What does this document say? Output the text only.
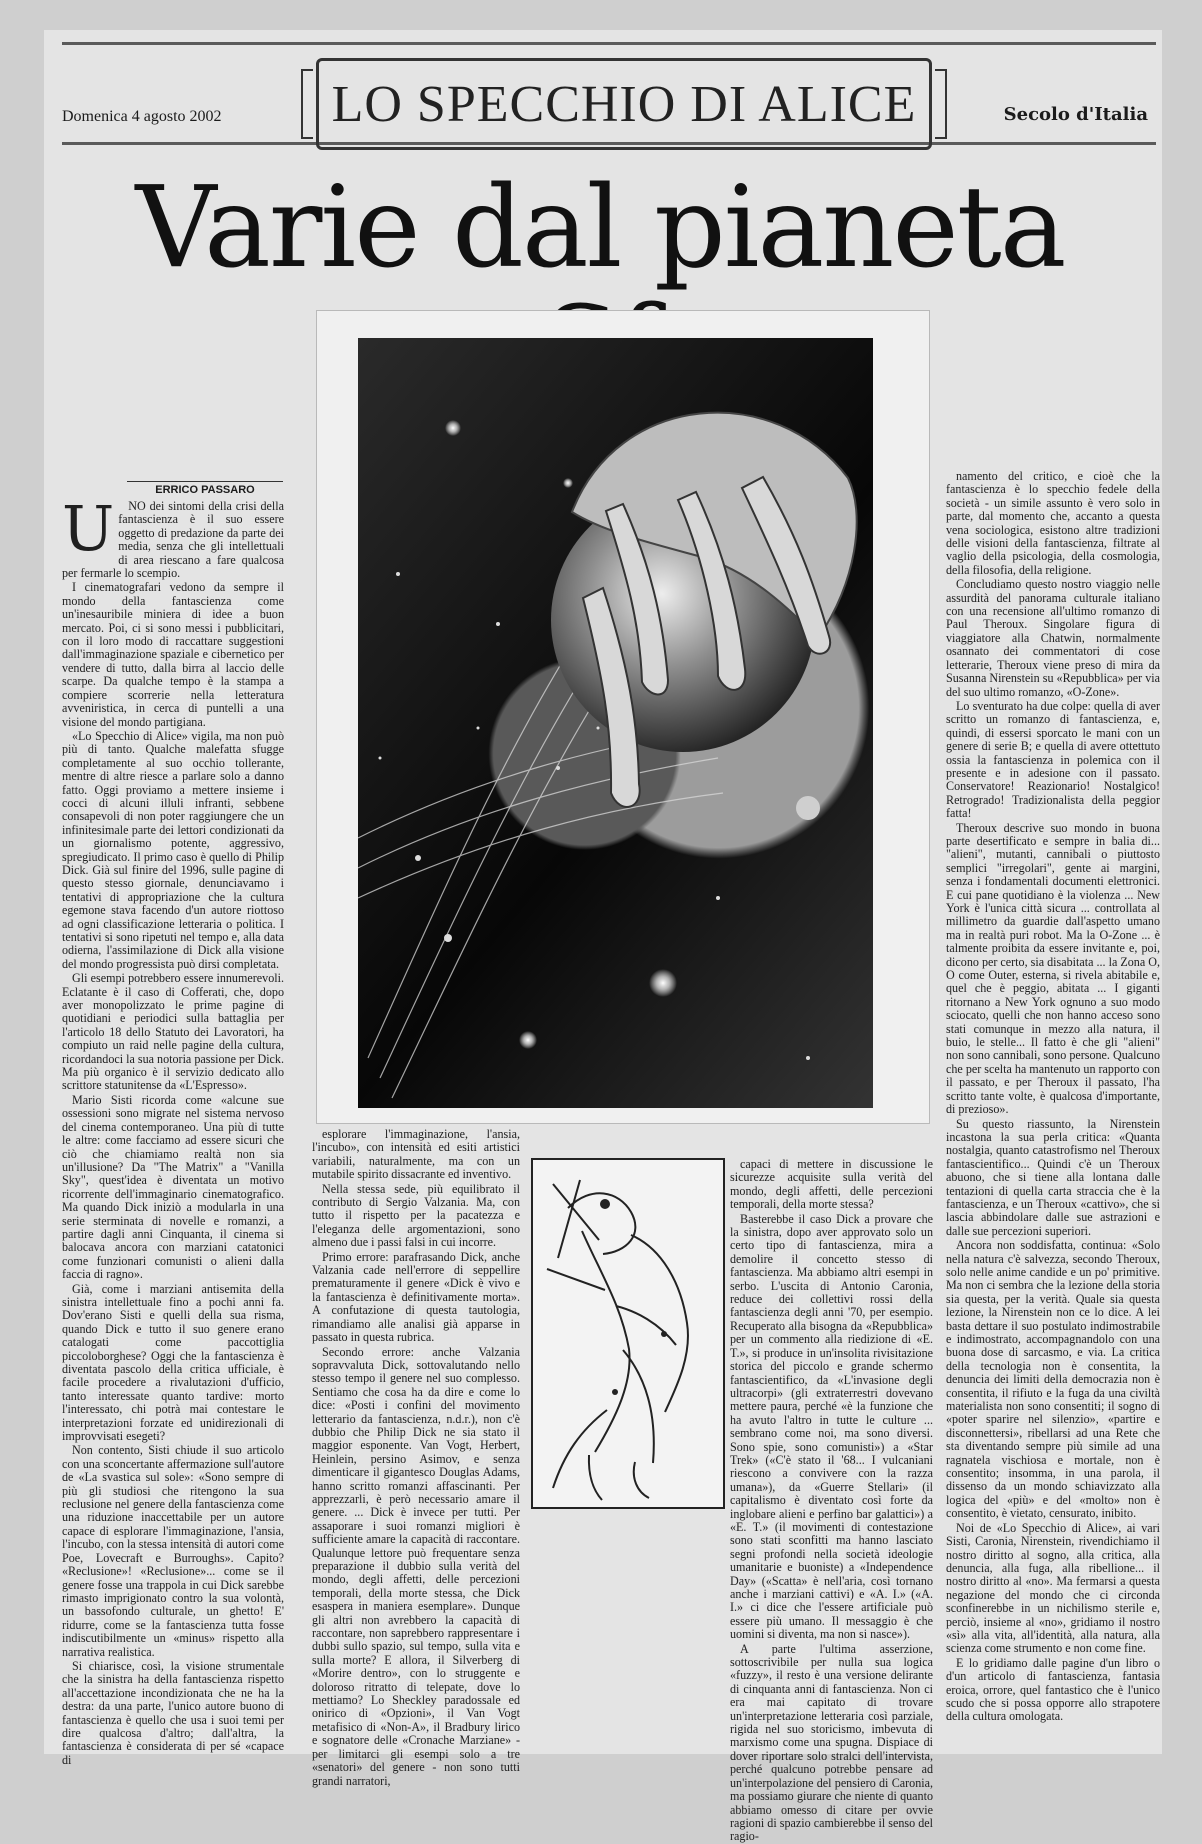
Domenica 4 agosto 2002 LO SPECCHIO DI ALICE	Secolo d'Italia
Varie dal pianeta
ERRICO PASSARO
U	NO dei sintomi della crisi della fantascienza è il suo essere oggetto di predazione da parte dei media, senza che gli intellettuali di area riescano a fare qualcosa per fermarle lo scempio.

I cinematografari vedono da sempre il mondo della fantascienza come un'inesauribile miniera di idee a buon mercato. Poi, ci si sono messi i pubblicitari, con il loro modo di raccattare suggestioni dall'immaginazione spaziale e cibernetico per vendere di tutto, dalla birra al laccio delle scarpe. Da qualche tempo è la stampa a compiere scorrerie nella letteratura avveniristica, in cerca di puntelli a una visione del mondo partigiana.

«Lo Specchio di Alice» vigila, ma non può più di tanto. Qualche malefatta sfugge completamente al suo occhio tollerante, mentre di altre riesce a parlare solo a danno fatto. Oggi proviamo a mettere insieme i cocci di alcuni illuli infranti, sebbene consapevoli di non poter raggiungere che un infinitesimale parte dei lettori condizionati da un giornalismo potente, aggressivo, spregiudicato. Il primo caso è quello di Philip Dick. Già sul finire del 1996, sulle pagine di questo stesso giornale, denunciavamo i tentativi di appropriazione che la cultura egemone stava facendo d'un autore riottoso ad ogni classificazione letteraria o politica. I tentativi si sono ripetuti nel tempo e, alla data odierna, l'assimilazione di Dick alla visione del mondo progressista può dirsi completata.

Gli esempi potrebbero essere innumerevoli. Eclatante è il caso di Cofferati, che, dopo aver monopolizzato le prime pagine di quotidiani e periodici sulla battaglia per l'articolo 18 dello Statuto dei Lavoratori, ha compiuto un raid nelle pagine della cultura, ricordandoci la sua notoria passione per Dick. Ma più organico è il servizio dedicato allo scrittore statunitense da «L'Espresso».

Mario Sisti ricorda come «alcune sue ossessioni sono migrate nel sistema nervoso del cinema contemporaneo. Una più di tutte le altre: come facciamo ad essere sicuri che ciò che chiamiamo realtà non sia un'illusione? Da "The Matrix" a "Vanilla Sky", quest'idea è diventata un motivo ricorrente dell'immaginario cinematografico. Ma quando Dick iniziò a modularla in una serie sterminata di novelle e romanzi, a partire dagli anni Cinquanta, il cinema si balocava ancora con marziani catatonici come funzionari comunisti o alieni dalla faccia di ragno».

Già, come i marziani antisemita della sinistra intellettuale fino a pochi anni fa. Dov'erano Sisti e quelli della sua risma, quando Dick e tutto il suo genere erano catalogati come paccottiglia piccoloborghese? Oggi che la fantascienza è diventata pascolo della critica ufficiale, è facile procedere a rivalutazioni d'ufficio, tanto interessate quanto tardive: morto l'interessato, chi potrà mai contestare le interpretazioni forzate ed unidirezionali di improvvisati esegeti?

Non contento, Sisti chiude il suo articolo con una sconcertante affermazione sull'autore de «La svastica sul sole»: «Sono sempre di più gli studiosi che ritengono la sua reclusione nel genere della fantascienza come una riduzione inaccettabile per un autore capace di esplorare l'immaginazione, l'ansia, l'incubo, con la stessa intensità di autori come Poe, Lovecraft e Burroughs». Capito? «Reclusione»! «Reclusione»... come se il genere fosse una trappola in cui Dick sarebbe rimasto imprigionato contro la sua volontà, un bassofondo culturale, un ghetto! E' ridurre, come se la fantascienza tutta fosse indiscutibilmente un «minus» rispetto alla narrativa realistica.

Si chiarisce, così, la visione strumentale che la sinistra ha della fantascienza rispetto all'accettazione incondizionata che ne ha la destra: da una parte, l'unico autore buono di fantascienza è quello che usa i suoi temi per dire qualcosa d'altro; dall'altra, la fantascienza è considerata di per sé «capace di

esplorare l'immaginazione, l'ansia, l'incubo», con intensità ed esiti artistici variabili, naturalmente, ma con un mutabile spirito dissacrante ed inventivo.

Nella stessa sede, più equilibrato il contributo di Sergio Valzania. Ma, con tutto il rispetto per la pacatezza e l'eleganza delle argomentazioni, sono almeno due i passi falsi in cui incorre.

Primo errore: parafrasando Dick, anche Valzania cade nell'errore di seppellire prematuramente il genere «Dick è vivo e la fantascienza è definitivamente morta». A confutazione di questa tautologia, rimandiamo alle analisi già apparse in passato in questa rubrica.

Secondo errore: anche Valzania sopravvaluta Dick, sottovalutando nello stesso tempo il genere nel suo complesso. Sentiamo che cosa ha da dire e come lo dice: «Posti i confini del movimento letterario da fantascienza, n.d.r.), non c'è dubbio che Philip Dick ne sia stato il maggior esponente. Van Vogt, Herbert, Heinlein, persino Asimov, e senza dimenticare il gigantesco Douglas Adams, hanno scritto romanzi affascinanti. Per apprezzarli, è però necessario amare il genere. ... Dick è invece per tutti. Per assaporare i suoi romanzi migliori è sufficiente amare la capacità di raccontare. Qualunque lettore può frequentare senza preparazione il dubbio sulla verità del mondo, degli affetti, delle percezioni temporali, della morte stessa, che Dick esaspera in maniera esemplare». Dunque gli altri non avrebbero la capacità di raccontare, non saprebbero rappresentare i dubbi sullo spazio, sul tempo, sulla vita e sulla morte? E allora, il Silverberg di «Morire dentro», con lo struggente e doloroso ritratto di telepate, dove lo mettiamo? Lo Sheckley paradossale ed onirico di «Opzioni», il Van Vogt metafisico di «Non-A», il Bradbury lirico e sognatore delle «Cronache Marziane» - per limitarci gli esempi solo a tre «senatori» del genere - non sono tutti grandi narratori,

capaci di mettere in discussione le sicurezze acquisite sulla verità del mondo, degli affetti, delle percezioni temporali, della morte stessa?

Basterebbe il caso Dick a provare che la sinistra, dopo aver approvato solo un certo tipo di fantascienza, mira a demolire il concetto stesso di fantascienza. Ma abbiamo altri esempi in serbo. L'uscita di Antonio Caronia, reduce dei collettivi rossi della fantascienza degli anni '70, per esempio. Recuperato alla bisogna da «Repubblica» per un commento alla riedizione di «E. T.», si produce in un'insolita rivisitazione storica del piccolo e grande schermo fantascientifico, da «L'invasione degli ultracorpi» (gli extraterrestri dovevano mettere paura, perché «è la funzione che ha avuto l'altro in tutte le culture ... sembrano come noi, ma sono diversi. Sono spie, sono comunisti») a «Star Trek» («C'è stato il '68... I vulcaniani riescono a convivere con la razza umana»), da «Guerre Stellari» (il capitalismo è diventato così forte da inglobare alieni e perfino bar galattici») a «E. T.» (il movimenti di contestazione sono stati sconfitti ma hanno lasciato segni profondi nella società ideologie umanitarie e buoniste) a «Independence Day» («Scatta» è nell'aria, così tornano anche i marziani cattivi) e «A. I.» («A. I.» ci dice che l'essere artificiale può essere più umano. Il messaggio è che uomini si diventa, ma non si nasce»).

A parte l'ultima asserzione, sottoscrivibile per nulla sua logica «fuzzy», il resto è una versione delirante di cinquanta anni di fantascienza. Non ci era mai capitato di trovare un'interpretazione letteraria così parziale, rigida nel suo storicismo, imbevuta di marxismo come una spugna. Dispiace di dover riportare solo stralci dell'intervista, perché qualcuno potrebbe pensare ad un'interpolazione del pensiero di Caronia, ma possiamo giurare che niente di quanto abbiamo omesso di citare per ovvie ragioni di spazio cambierebbe il senso del ragio-

namento del critico, e cioè che la fantascienza è lo specchio fedele della società - un simile assunto è vero solo in parte, dal momento che, accanto a questa vena sociologica, esistono altre tradizioni delle visioni della fantascienza, filtrate al vaglio della psicologia, della cosmologia, della filosofia, della religione.

Concludiamo questo nostro viaggio nelle assurdità del panorama culturale italiano con una recensione all'ultimo romanzo di Paul Theroux. Singolare figura di viaggiatore alla Chatwin, normalmente osannato dei commentatori di cose letterarie, Theroux viene preso di mira da Susanna Nirenstein su «Repubblica» per via del suo ultimo romanzo, «O-Zone».

Lo sventurato ha due colpe: quella di aver scritto un romanzo di fantascienza, e, quindi, di essersi sporcato le mani con un genere di serie B; e quella di avere ottettuto ossia la fantascienza in polemica con il presente e in adesione con il passato. Conservatore! Reazionario! Nostalgico! Retrogrado! Tradizionalista della peggior fatta!

Theroux descrive suo mondo in buona parte desertificato e sempre in balia di... "alieni", mutanti, cannibali o piuttosto semplici "irregolari", gente ai margini, senza i fondamentali documenti elettronici. E cui pane quotidiano è la violenza ... New York è l'unica città sicura ... controllata al millimetro da guardie dall'aspetto umano ma in realtà puri robot. Ma la O-Zone ... è talmente proibita da essere invitante e, poi, dicono per certo, sia disabitata ... la Zona O, O come Outer, esterna, si rivela abitabile e, quel che è peggio, abitata ... I giganti ritornano a New York ognuno a suo modo sciocato, quelli che non hanno acceso sono stati comunque in mezzo alla natura, il buio, le stelle... Il fatto è che gli "alieni" non sono cannibali, sono persone. Qualcuno che per scelta ha mantenuto un rapporto con il passato, e per Theroux il passato, l'ha scritto tante volte, è qualcosa d'importante, di prezioso».

Su questo riassunto, la Nirenstein incastona la sua perla critica: «Quanta nostalgia, quanto catastrofismo nel Theroux fantascientifico... Quindi c'è un Theroux abuono, che si tiene alla lontana dalle tentazioni di quella carta straccia che è la fantascienza, e un Theroux «cattivo», che si lascia abbindolare dalle sue astrazioni e dalle sue percezioni superiori.

Ancora non soddisfatta, continua: «Solo nella natura c'è salvezza, secondo Theroux, solo nelle anime candide e un po' primitive. Ma non ci sembra che la lezione della storia sia questa, per la verità. Quale sia questa lezione, la Nirenstein non ce lo dice. A lei basta dettare il suo postulato indimostrabile e indimostrato, accompagnandolo con una buona dose di sarcasmo, e via. La critica della tecnologia non è consentita, la denuncia dei limiti della democrazia non è consentita, il rifiuto e la fuga da una civiltà materialista non sono consentiti; il sogno di «poter sparire nel silenzio», «partire e disconnettersi», ribellarsi ad una Rete che sta diventando sempre più simile ad una ragnatela vischiosa e mortale, non è consentito; insomma, in una parola, il dissenso da un mondo schiavizzato alla logica del «più» e del «molto» non è consentito, è vietato, censurato, inibito.

Noi de «Lo Specchio di Alice», ai vari Sisti, Caronia, Nirenstein, rivendichiamo il nostro diritto al sogno, alla critica, alla denuncia, alla fuga, alla ribellione... il nostro diritto al «no». Ma fermarsi a questa negazione del mondo che ci circonda sconfinerebbe in un nichilismo sterile e, perciò, insieme al «no», gridiamo il nostro «sì» alla vita, all'identità, alla natura, alla scienza come strumento e non come fine.

E lo gridiamo dalle pagine d'un libro o d'un articolo di fantascienza, fantasia eroica, orrore, quel fantastico che è l'unico scudo che si possa opporre allo strapotere della cultura omologata.
